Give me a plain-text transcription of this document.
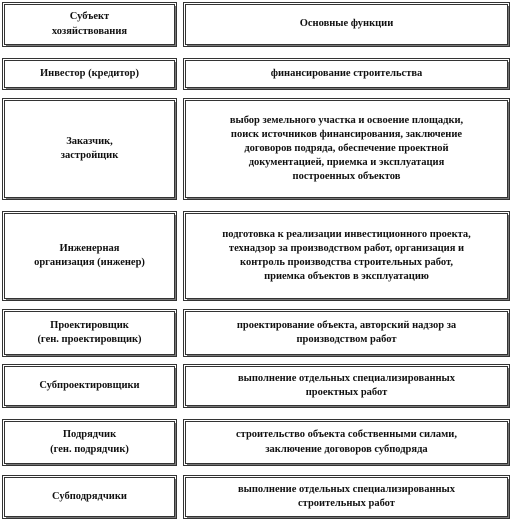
Субъект
хозяйствования
Основные функции
Инвестор (кредитор)	финансирование строительства
Заказчик,
застройщик
выбор земельного участка и освоение площадки,
поиск источников финансирования, заключение
договоров подряда, обеспечение проектной
документацией, приемка и эксплуатация
построенных объектов
Инженерная
организация (инженер)
подготовка к реализации инвестиционного проекта,
технадзор за производством работ, организация и
контроль производства строительных работ,
приемка объектов в эксплуатацию
Проектировщик
(ген. проектировщик)
проектирование объекта, авторский надзор за
производством работ
Субпроектировщики
выполнение отдельных специализированных
проектных работ
Подрядчик
(ген. подрядчик)
строительство объекта собственными силами,
заключение договоров субподряда
Субподрядчики
выполнение отдельных специализированных
строительных работ
